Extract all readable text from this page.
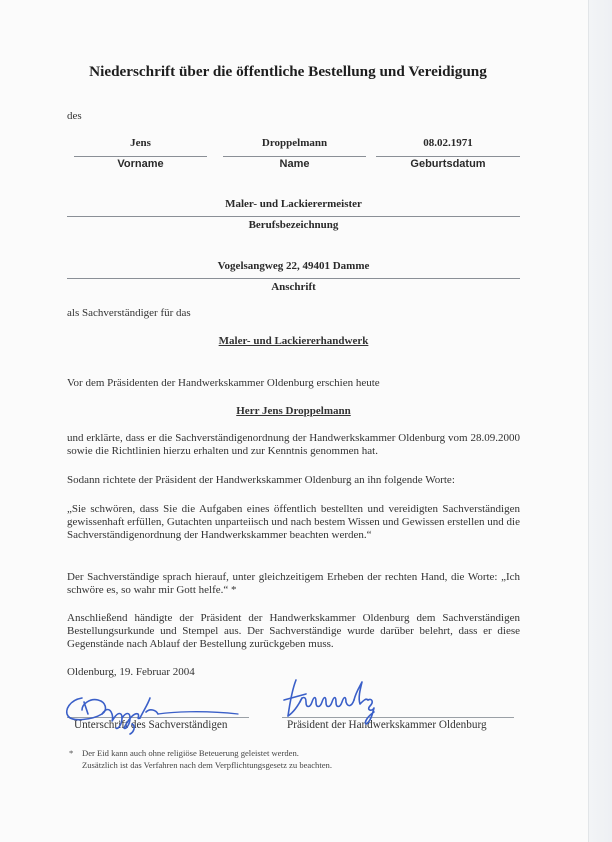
Niederschrift über die öffentliche Bestellung und Vereidigung
des
Jens
Vorname
Droppelmann
Name
08.02.1971
Geburtsdatum
Maler- und Lackierermeister
Berufsbezeichnung
Vogelsangweg 22, 49401 Damme
Anschrift
als Sachverständiger für das
Maler- und Lackiererhandwerk
Vor dem Präsidenten der Handwerkskammer Oldenburg erschien heute
Herr Jens Droppelmann
und erklärte, dass er die Sachverständigenordnung der Handwerkskammer Oldenburg vom 28.09.2000 sowie die Richtlinien hierzu erhalten und zur Kenntnis genommen hat.
Sodann richtete der Präsident der Handwerkskammer Oldenburg an ihn folgende Worte:
„Sie schwören, dass Sie die Aufgaben eines öffentlich bestellten und vereidigten Sachverständigen gewissenhaft erfüllen, Gutachten unparteiisch und nach bestem Wissen und Gewissen erstellen und die Sachverständigenordnung der Handwerkskammer beachten werden.“
Der Sachverständige sprach hierauf, unter gleichzeitigem Erheben der rechten Hand, die Worte: „Ich schwöre es, so wahr mir Gott helfe.“ *
Anschließend händigte der Präsident der Handwerkskammer Oldenburg dem Sachverständigen Bestellungsurkunde und Stempel aus. Der Sachverständige wurde darüber belehrt, dass er diese Gegenstände nach Ablauf der Bestellung zurückgeben muss.
Oldenburg, 19. Februar 2004
Unterschrift des Sachverständigen	Präsident der Handwerkskammer Oldenburg
* Der Eid kann auch ohne religiöse Beteuerung geleistet werden.
Zusätzlich ist das Verfahren nach dem Verpflichtungsgesetz zu beachten.
